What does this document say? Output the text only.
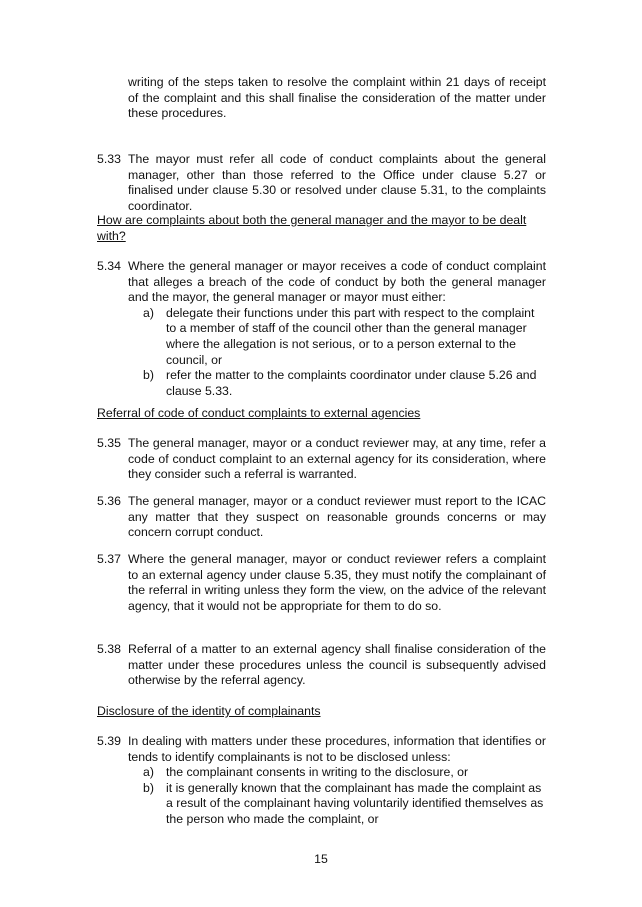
writing of the steps taken to resolve the complaint within 21 days of receipt of the complaint and this shall finalise the consideration of the matter under these procedures.
5.33 The mayor must refer all code of conduct complaints about the general manager, other than those referred to the Office under clause 5.27 or finalised under clause 5.30 or resolved under clause 5.31, to the complaints coordinator.
How are complaints about both the general manager and the mayor to be dealt with?
5.34 Where the general manager or mayor receives a code of conduct complaint that alleges a breach of the code of conduct by both the general manager and the mayor, the general manager or mayor must either:
a) delegate their functions under this part with respect to the complaint to a member of staff of the council other than the general manager where the allegation is not serious, or to a person external to the council, or
b) refer the matter to the complaints coordinator under clause 5.26 and clause 5.33.
Referral of code of conduct complaints to external agencies
5.35 The general manager, mayor or a conduct reviewer may, at any time, refer a code of conduct complaint to an external agency for its consideration, where they consider such a referral is warranted.
5.36 The general manager, mayor or a conduct reviewer must report to the ICAC any matter that they suspect on reasonable grounds concerns or may concern corrupt conduct.
5.37 Where the general manager, mayor or conduct reviewer refers a complaint to an external agency under clause 5.35, they must notify the complainant of the referral in writing unless they form the view, on the advice of the relevant agency, that it would not be appropriate for them to do so.
5.38 Referral of a matter to an external agency shall finalise consideration of the matter under these procedures unless the council is subsequently advised otherwise by the referral agency.
Disclosure of the identity of complainants
5.39 In dealing with matters under these procedures, information that identifies or tends to identify complainants is not to be disclosed unless:
a) the complainant consents in writing to the disclosure, or
b) it is generally known that the complainant has made the complaint as a result of the complainant having voluntarily identified themselves as the person who made the complaint, or
15
